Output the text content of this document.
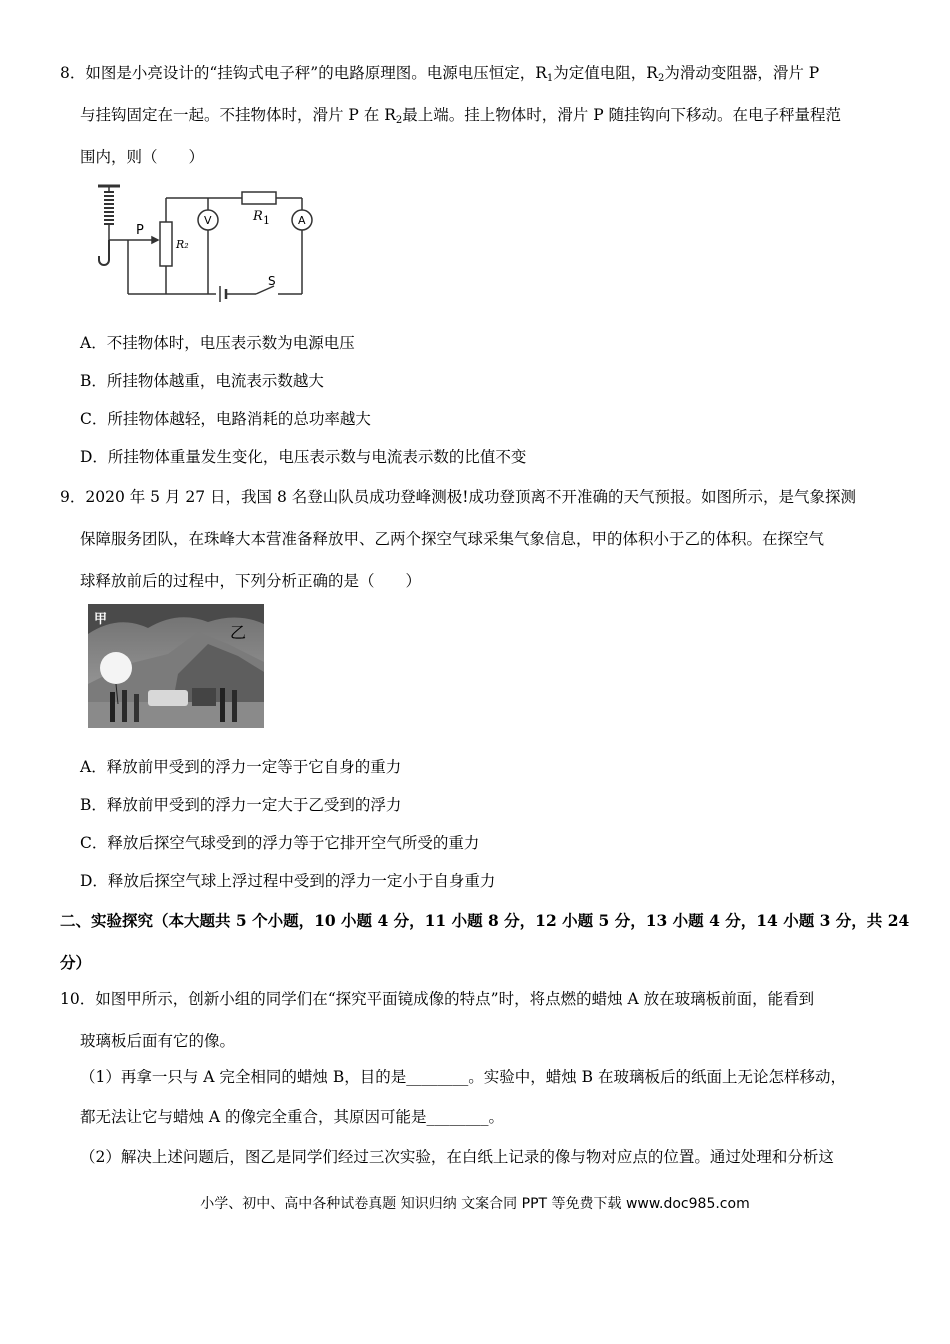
8．如图是小亮设计的“挂钩式电子秤”的电路原理图。电源电压恒定，R1为定值电阻，R2为滑动变阻器，滑片 P
与挂钩固定在一起。不挂物体时，滑片 P 在 R2最上端。挂上物体时，滑片 P 随挂钩向下移动。在电子秤量程范
围内，则（　　）
P
R₂
V	R 1	A
S
A．不挂物体时，电压表示数为电源电压
B．所挂物体越重，电流表示数越大
C．所挂物体越轻，电路消耗的总功率越大
D．所挂物体重量发生变化，电压表示数与电流表示数的比值不变
9．2020 年 5 月 27 日，我国 8 名登山队员成功登峰测极!成功登顶离不开准确的天气预报。如图所示，是气象探测
保障服务团队，在珠峰大本营准备释放甲、乙两个探空气球采集气象信息，甲的体积小于乙的体积。在探空气
球释放前后的过程中，下列分析正确的是（　　）
甲
乙
A．释放前甲受到的浮力一定等于它自身的重力
B．释放前甲受到的浮力一定大于乙受到的浮力
C．释放后探空气球受到的浮力等于它排开空气所受的重力
D．释放后探空气球上浮过程中受到的浮力一定小于自身重力
二、实验探究（本大题共 5 个小题，10 小题 4 分，11 小题 8 分，12 小题 5 分，13 小题 4 分，14 小题 3 分，共 24
分）
10．如图甲所示，创新小组的同学们在“探究平面镜成像的特点”时，将点燃的蜡烛 A 放在玻璃板前面，能看到
玻璃板后面有它的像。
（1）再拿一只与 A 完全相同的蜡烛 B，目的是________。实验中，蜡烛 B 在玻璃板后的纸面上无论怎样移动，
都无法让它与蜡烛 A 的像完全重合，其原因可能是________。
（2）解决上述问题后，图乙是同学们经过三次实验，在白纸上记录的像与物对应点的位置。通过处理和分析这
小学、初中、高中各种试卷真题 知识归纳 文案合同 PPT 等免费下载 www.doc985.com
